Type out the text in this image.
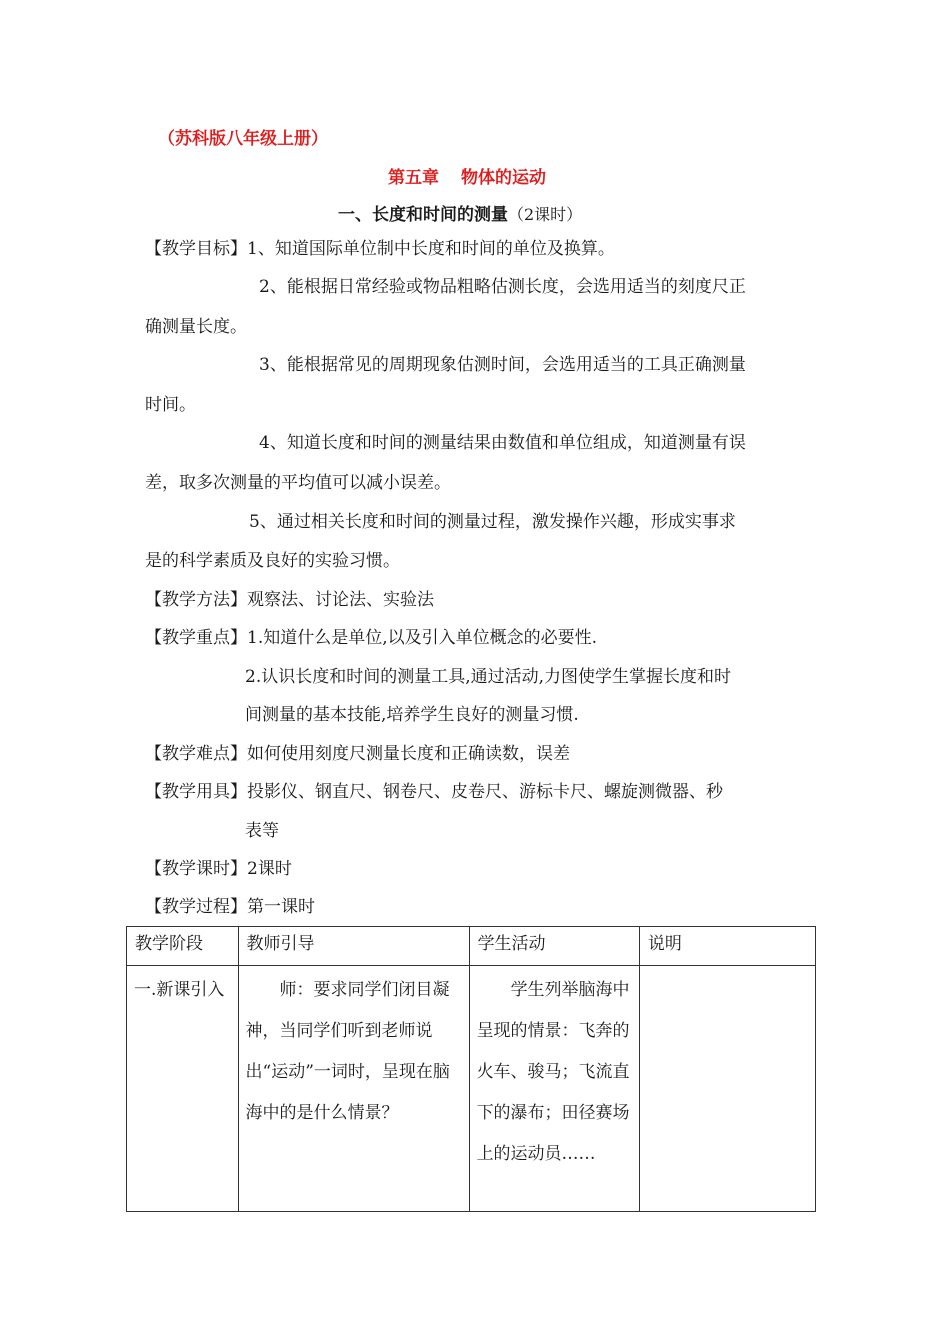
（苏科版八年级上册）
第五章 物体的运动
一、长度和时间的测量（2课时）
【教学目标】1、知道国际单位制中长度和时间的单位及换算。
2、能根据日常经验或物品粗略估测长度，会选用适当的刻度尺正
确测量长度。
3、能根据常见的周期现象估测时间，会选用适当的工具正确测量
时间。
4、知道长度和时间的测量结果由数值和单位组成，知道测量有误
差，取多次测量的平均值可以减小误差。
5、通过相关长度和时间的测量过程，激发操作兴趣，形成实事求
是的科学素质及良好的实验习惯。
【教学方法】观察法、讨论法、实验法
【教学重点】1.知道什么是单位,以及引入单位概念的必要性.
2.认识长度和时间的测量工具,通过活动,力图使学生掌握长度和时
间测量的基本技能,培养学生良好的测量习惯.
【教学难点】如何使用刻度尺测量长度和正确读数，误差
【教学用具】投影仪、钢直尺、钢卷尺、皮卷尺、游标卡尺、螺旋测微器、秒
表等
【教学课时】2课时
【教学过程】第一课时
教学阶段	教师引导	学生活动	说明
一.新课引入	师：要求同学们闭目凝神，当同学们听到老师说出“运动”一词时，呈现在脑海中的是什么情景？	学生列举脑海中呈现的情景：飞奔的火车、骏马；飞流直下的瀑布；田径赛场上的运动员……	
